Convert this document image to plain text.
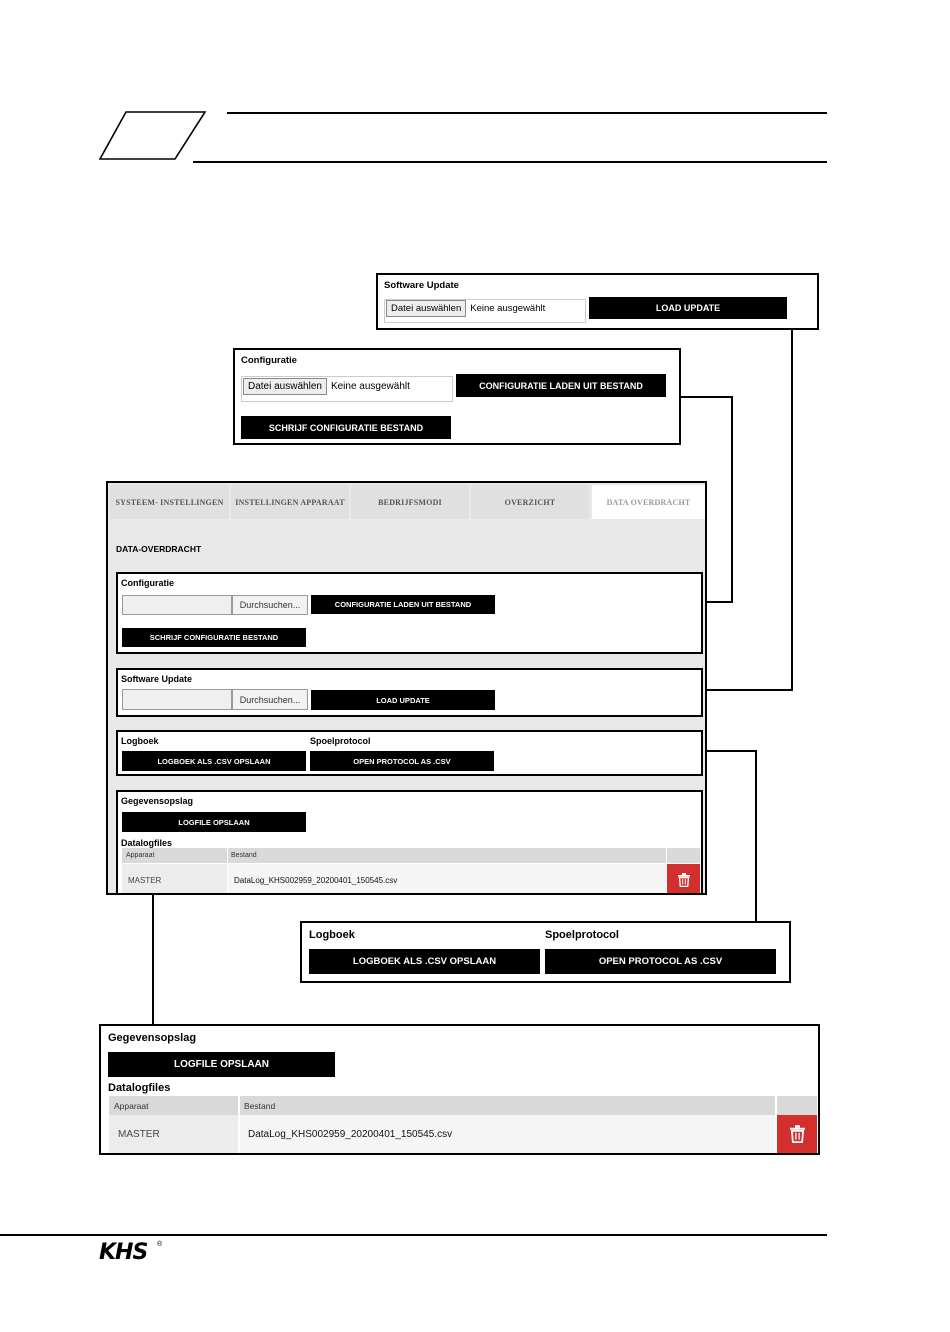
Software Update
Datei auswählen Keine ausgewählt	LOAD UPDATE
Configuratie
Datei auswählen Keine ausgewählt	CONFIGURATIE LADEN UIT BESTAND
SCHRIJF CONFIGURATIE BESTAND
SYSTEEM- INSTELLINGEN	INSTELLINGEN APPARAAT	BEDRIJFSMODI	OVERZICHT	DATA OVERDRACHT
DATA-OVERDRACHT
Configuratie
Durchsuchen...	CONFIGURATIE LADEN UIT BESTAND
SCHRIJF CONFIGURATIE BESTAND
Software Update
Durchsuchen...	LOAD UPDATE
Logboek
LOGBOEK ALS .CSV OPSLAAN
Spoelprotocol
OPEN PROTOCOL AS .CSV
Gegevensopslag
LOGFILE OPSLAAN
Datalogfiles
Apparaat	Bestand
MASTER	DataLog_KHS002959_20200401_150545.csv
Logboek
LOGBOEK ALS .CSV OPSLAAN
Spoelprotocol
OPEN PROTOCOL AS .CSV
Gegevensopslag
LOGFILE OPSLAAN
Datalogfiles
Apparaat	Bestand
MASTER	DataLog_KHS002959_20200401_150545.csv
KHS	®
